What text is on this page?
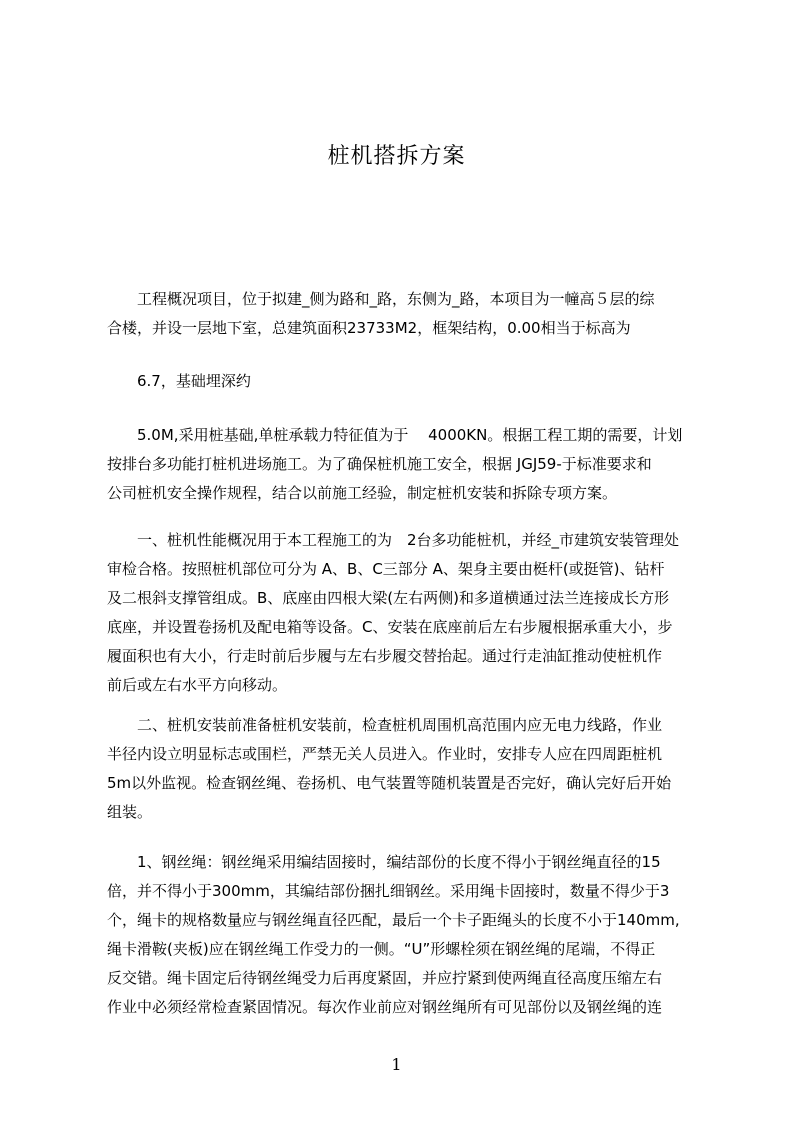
桩机搭拆方案
工程概况项目，位于拟建_侧为路和_路，东侧为_路，本项目为一幢高５层的综
合楼，并设一层地下室，总建筑面积23733M2，框架结构，0.00相当于标高为
6.7，基础埋深约
5.0M,采用桩基础,单桩承载力特征值为于　 4000KN。根据工程工期的需要，计划
按排台多功能打桩机进场施工。为了确保桩机施工安全，根据 JGJ59-于标准要求和
公司桩机安全操作规程，结合以前施工经验，制定桩机安装和拆除专项方案。
一、桩机性能概况用于本工程施工的为　2台多功能桩机，并经_市建筑安装管理处
审检合格。按照桩机部位可分为 A、B、C三部分 A、架身主要由梃杆(或挺管)、钻杆
及二根斜支撑管组成。B、底座由四根大梁(左右两侧)和多道横通过法兰连接成长方形
底座，并设置卷扬机及配电箱等设备。C、安装在底座前后左右步履根据承重大小，步
履面积也有大小，行走时前后步履与左右步履交替抬起。通过行走油缸推动使桩机作
前后或左右水平方向移动。
二、桩机安装前准备桩机安装前，检查桩机周围机高范围内应无电力线路，作业
半径内设立明显标志或围栏，严禁无关人员进入。作业时，安排专人应在四周距桩机
5m以外监视。检查钢丝绳、卷扬机、电气装置等随机装置是否完好，确认完好后开始
组装。
1、钢丝绳：钢丝绳采用编结固接时，编结部份的长度不得小于钢丝绳直径的15
倍，并不得小于300mm，其编结部份捆扎细钢丝。采用绳卡固接时，数量不得少于3
个，绳卡的规格数量应与钢丝绳直径匹配，最后一个卡子距绳头的长度不小于140mm,
绳卡滑鞍(夹板)应在钢丝绳工作受力的一侧。“U”形螺栓须在钢丝绳的尾端，不得正
反交错。绳卡固定后待钢丝绳受力后再度紧固，并应拧紧到使两绳直径高度压缩左右
作业中必须经常检查紧固情况。每次作业前应对钢丝绳所有可见部份以及钢丝绳的连
1
